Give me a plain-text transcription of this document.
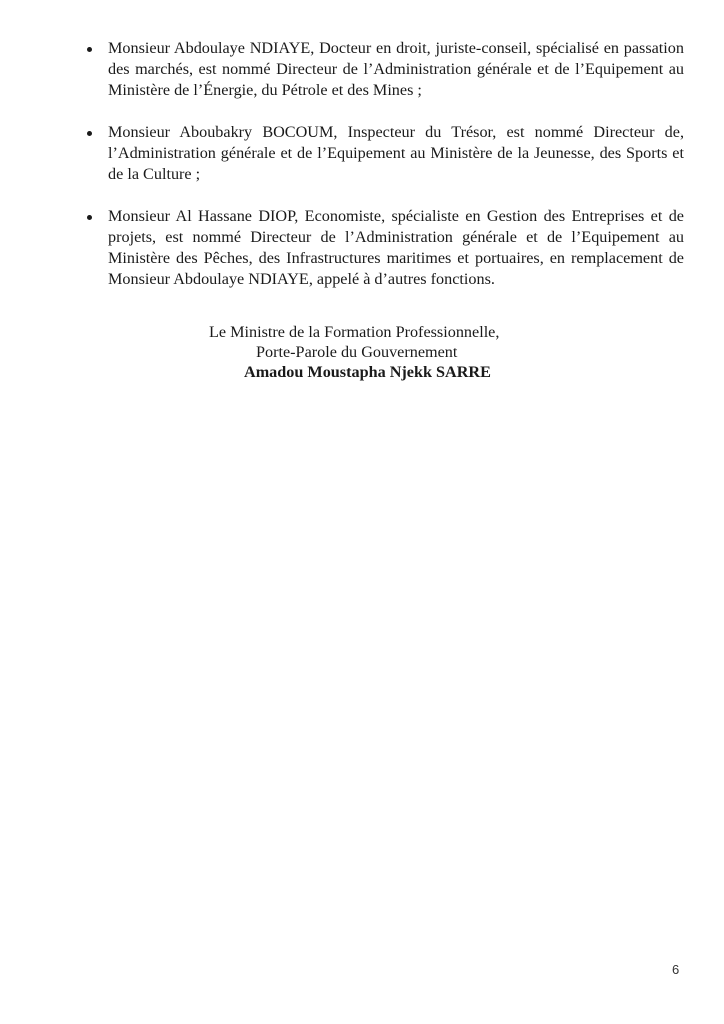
Monsieur Abdoulaye NDIAYE, Docteur en droit, juriste-conseil, spécialisé en passation des marchés, est nommé Directeur de l’Administration générale et de l’Equipement au Ministère de l’Énergie, du Pétrole et des Mines ;
Monsieur Aboubakry BOCOUM, Inspecteur du Trésor, est nommé Directeur de, l’Administration générale et de l’Equipement au Ministère de la Jeunesse, des Sports et de la Culture ;
Monsieur Al Hassane DIOP, Economiste, spécialiste en Gestion des Entreprises et de projets, est nommé Directeur de l’Administration générale et de l’Equipement au Ministère des Pêches, des Infrastructures maritimes et portuaires, en remplacement de Monsieur Abdoulaye NDIAYE, appelé à d’autres fonctions.
Le Ministre de la Formation Professionnelle,
Porte-Parole du Gouvernement
Amadou Moustapha Njekk SARRE
6
